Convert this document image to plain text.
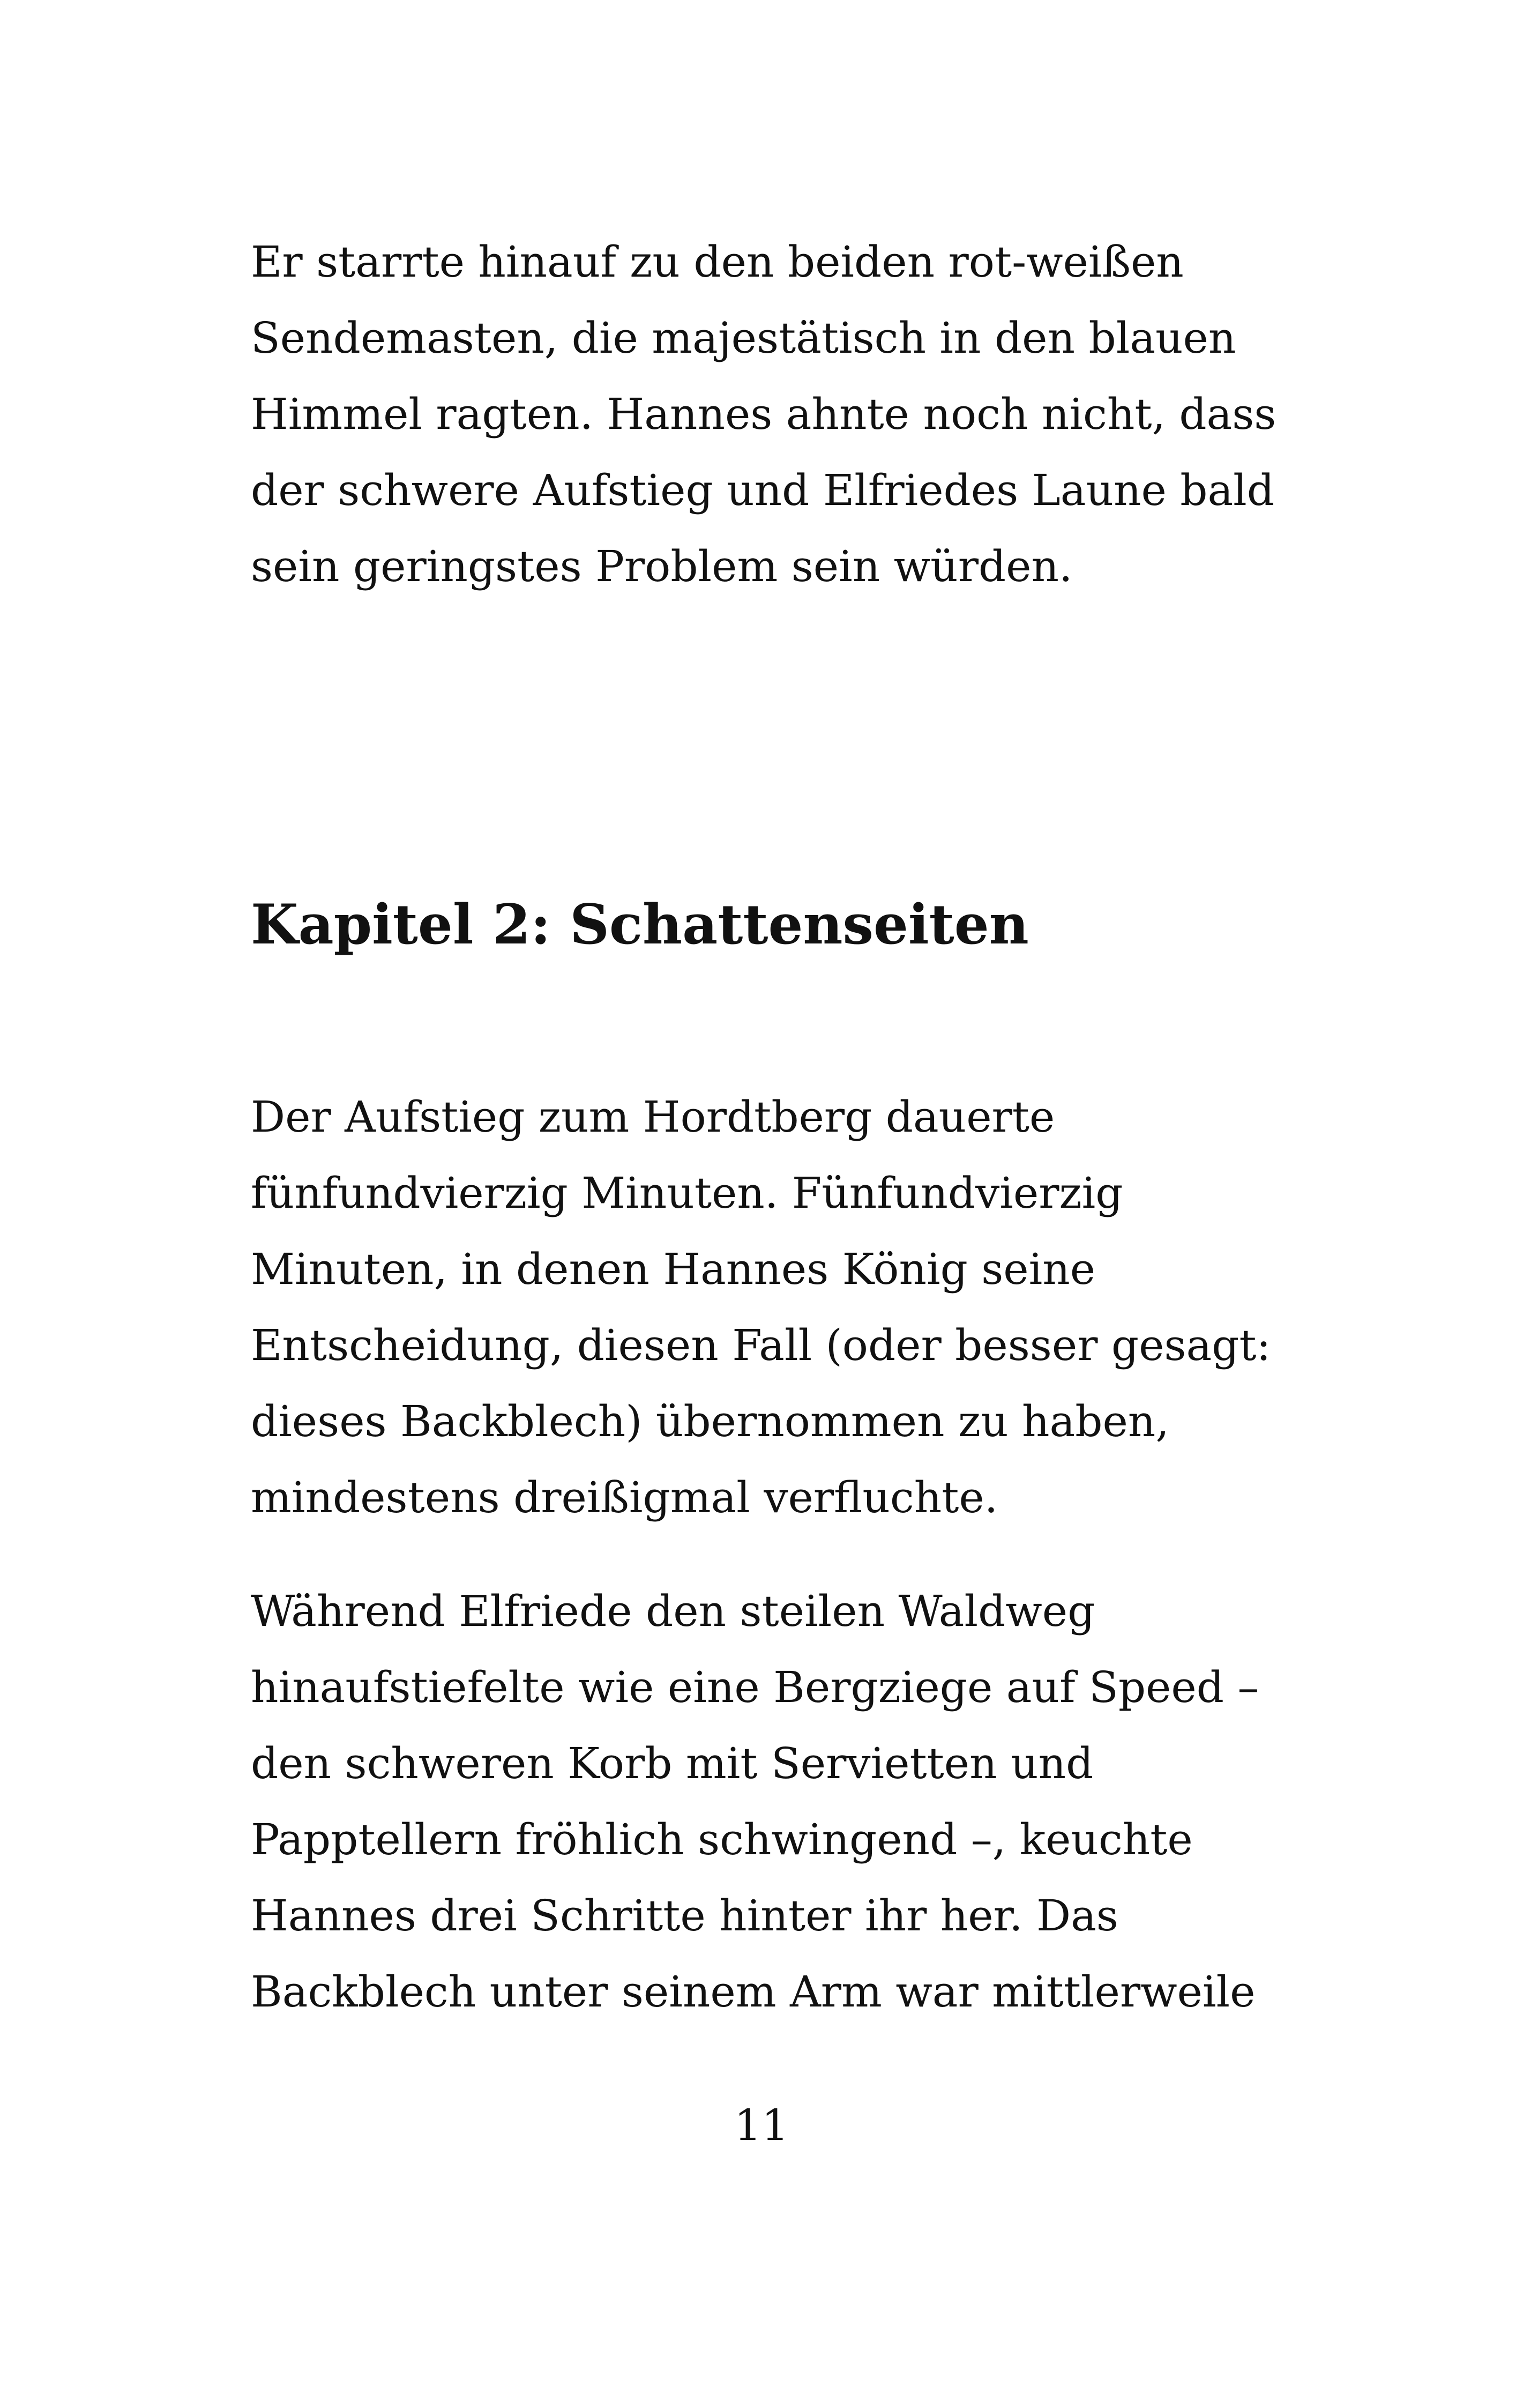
Er starrte hinauf zu den beiden rot-weißen
Sendemasten, die majestätisch in den blauen
Himmel ragten. Hannes ahnte noch nicht, dass
der schwere Aufstieg und Elfriedes Laune bald
sein geringstes Problem sein würden.
Kapitel 2: Schattenseiten
Der Aufstieg zum Hordtberg dauerte
fünfundvierzig Minuten. Fünfundvierzig
Minuten, in denen Hannes König seine
Entscheidung, diesen Fall (oder besser gesagt:
dieses Backblech) übernommen zu haben,
mindestens dreißigmal verfluchte.
Während Elfriede den steilen Waldweg
hinaufstiefelte wie eine Bergziege auf Speed –
den schweren Korb mit Servietten und
Papptellern fröhlich schwingend –, keuchte
Hannes drei Schritte hinter ihr her. Das
Backblech unter seinem Arm war mittlerweile
11
